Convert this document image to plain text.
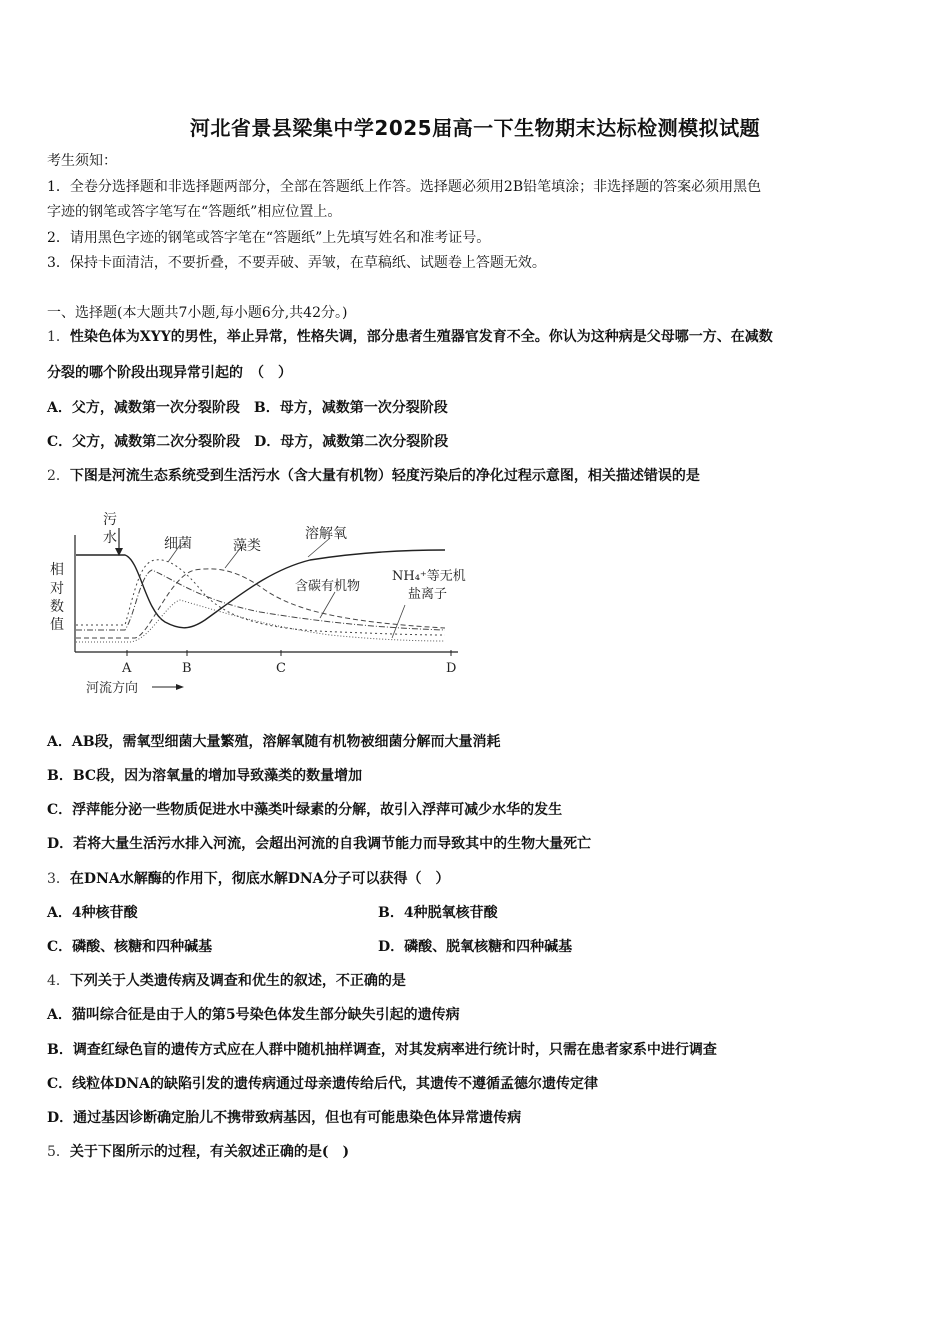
河北省景县梁集中学2025届高一下生物期末达标检测模拟试题
考生须知：
1．全卷分选择题和非选择题两部分，全部在答题纸上作答。选择题必须用2B铅笔填涂；非选择题的答案必须用黑色
字迹的钢笔或答字笔写在“答题纸”相应位置上。
2．请用黑色字迹的钢笔或答字笔在“答题纸”上先填写姓名和准考证号。
3．保持卡面清洁，不要折叠，不要弄破、弄皱，在草稿纸、试题卷上答题无效。
一、选择题(本大题共7小题,每小题6分,共42分。)
1．性染色体为XYY的男性，举止异常，性格失调，部分患者生殖器官发育不全。你认为这种病是父母哪一方、在减数
分裂的哪个阶段出现异常引起的　（　）
A．父方，减数第一次分裂阶段　B．母方，减数第一次分裂阶段
C．父方，减数第二次分裂阶段　D．母方，减数第二次分裂阶段
2．下图是河流生态系统受到生活污水（含大量有机物）轻度污染后的净化过程示意图，相关描述错误的是
污
水	细菌	藻类
溶解氧
含碳有机物
NH₄⁺等无机
盐离子
相
对
数
值
A	B	C	D
河流方向
A．AB段，需氧型细菌大量繁殖，溶解氧随有机物被细菌分解而大量消耗
B．BC段，因为溶氧量的增加导致藻类的数量增加
C．浮萍能分泌一些物质促进水中藻类叶绿素的分解，故引入浮萍可减少水华的发生
D．若将大量生活污水排入河流，会超出河流的自我调节能力而导致其中的生物大量死亡
3．在DNA水解酶的作用下，彻底水解DNA分子可以获得（　）
A．4种核苷酸	B．4种脱氧核苷酸
C．磷酸、核糖和四种碱基	D．磷酸、脱氧核糖和四种碱基
4．下列关于人类遗传病及调查和优生的叙述，不正确的是
A．猫叫综合征是由于人的第5号染色体发生部分缺失引起的遗传病
B．调查红绿色盲的遗传方式应在人群中随机抽样调查，对其发病率进行统计时，只需在患者家系中进行调查
C．线粒体DNA的缺陷引发的遗传病通过母亲遗传给后代，其遗传不遵循孟德尔遗传定律
D．通过基因诊断确定胎儿不携带致病基因，但也有可能患染色体异常遗传病
5．关于下图所示的过程，有关叙述正确的是(　)
